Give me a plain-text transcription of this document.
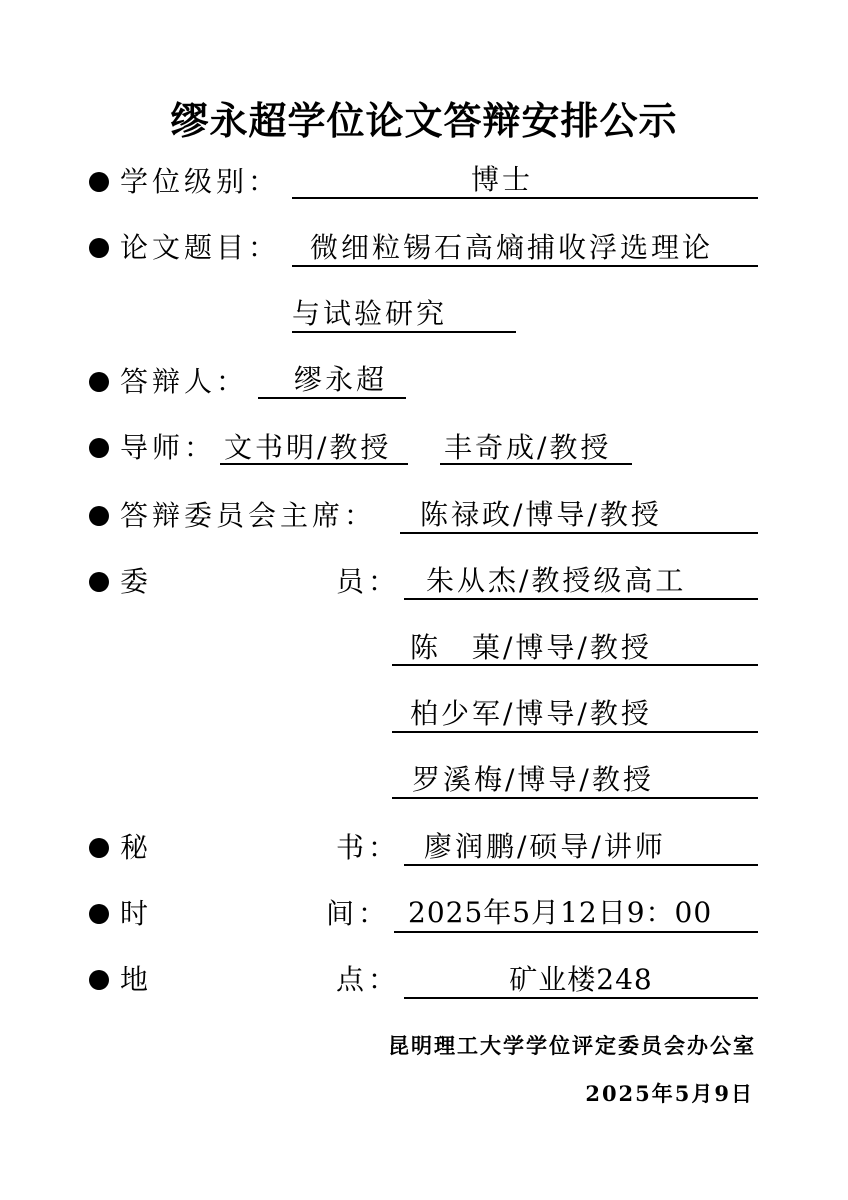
缪永超学位论文答辩安排公示
学位级别：	博士
论文题目： 微细粒锡石高熵捕收浮选理论
与试验研究
答辩人： 缪永超
导师： 文书明/教授 丰奇成/教授
答辩委员会主席： 陈禄政/博导/教授
委	员： 朱从杰/教授级高工
陈　菓/博导/教授
柏少军/博导/教授
罗溪梅/博导/教授
秘	书： 廖润鹏/硕导/讲师
时	间： 2025年5月12日9：00
地	点：	矿业楼248
昆明理工大学学位评定委员会办公室
2025年5月9日
